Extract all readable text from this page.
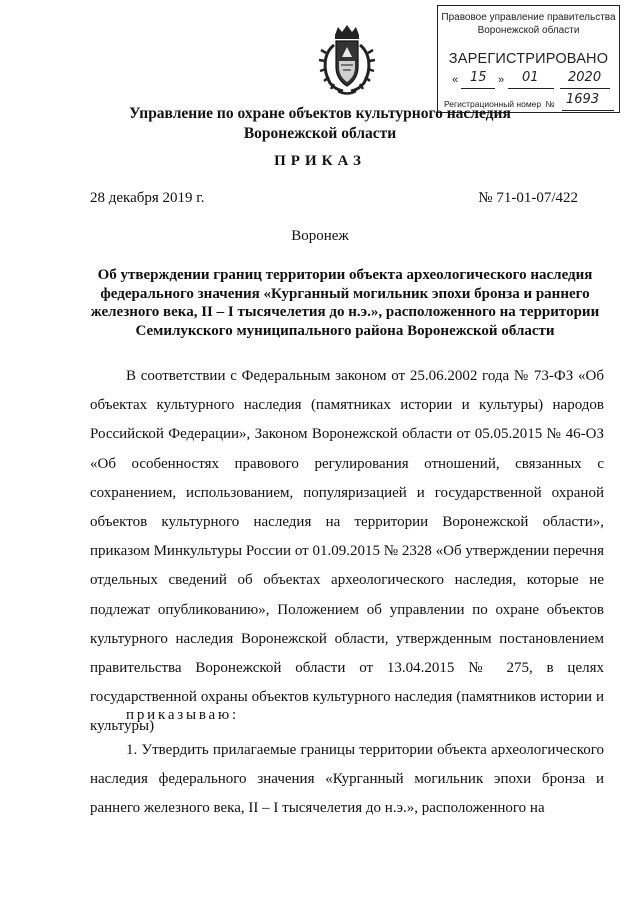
Правовое управление правительства
Воронежской области
ЗАРЕГИСТРИРОВАНО
« 15 » 01 2020
Регистрационный номер № 1693
Управление по охране объектов культурного наследия
Воронежской области
ПРИКАЗ
28 декабря 2019 г.	№ 71-01-07/422
Воронеж
Об утверждении границ территории объекта археологического наследия федерального значения «Курганный могильник эпохи бронза и раннего железного века, II – I тысячелетия до н.э.», расположенного на территории Семилукского муниципального района Воронежской области
В соответствии с Федеральным законом от 25.06.2002 года № 73-ФЗ «Об объектах культурного наследия (памятниках истории и культуры) народов Российской Федерации», Законом Воронежской области от 05.05.2015 № 46-ОЗ «Об особенностях правового регулирования отношений, связанных с сохранением, использованием, популяризацией и государственной охраной объектов культурного наследия на территории Воронежской области», приказом Минкультуры России от 01.09.2015 № 2328 «Об утверждении перечня отдельных сведений об объектах археологического наследия, которые не подлежат опубликованию», Положением об управлении по охране объектов культурного наследия Воронежской области, утвержденным постановлением правительства Воронежской области от 13.04.2015 № 275, в целях государственной охраны объектов культурного наследия (памятников истории и культуры)
приказываю:
1. Утвердить прилагаемые границы территории объекта археологического наследия федерального значения «Курганный могильник эпохи бронза и раннего железного века, II – I тысячелетия до н.э.», расположенного на
